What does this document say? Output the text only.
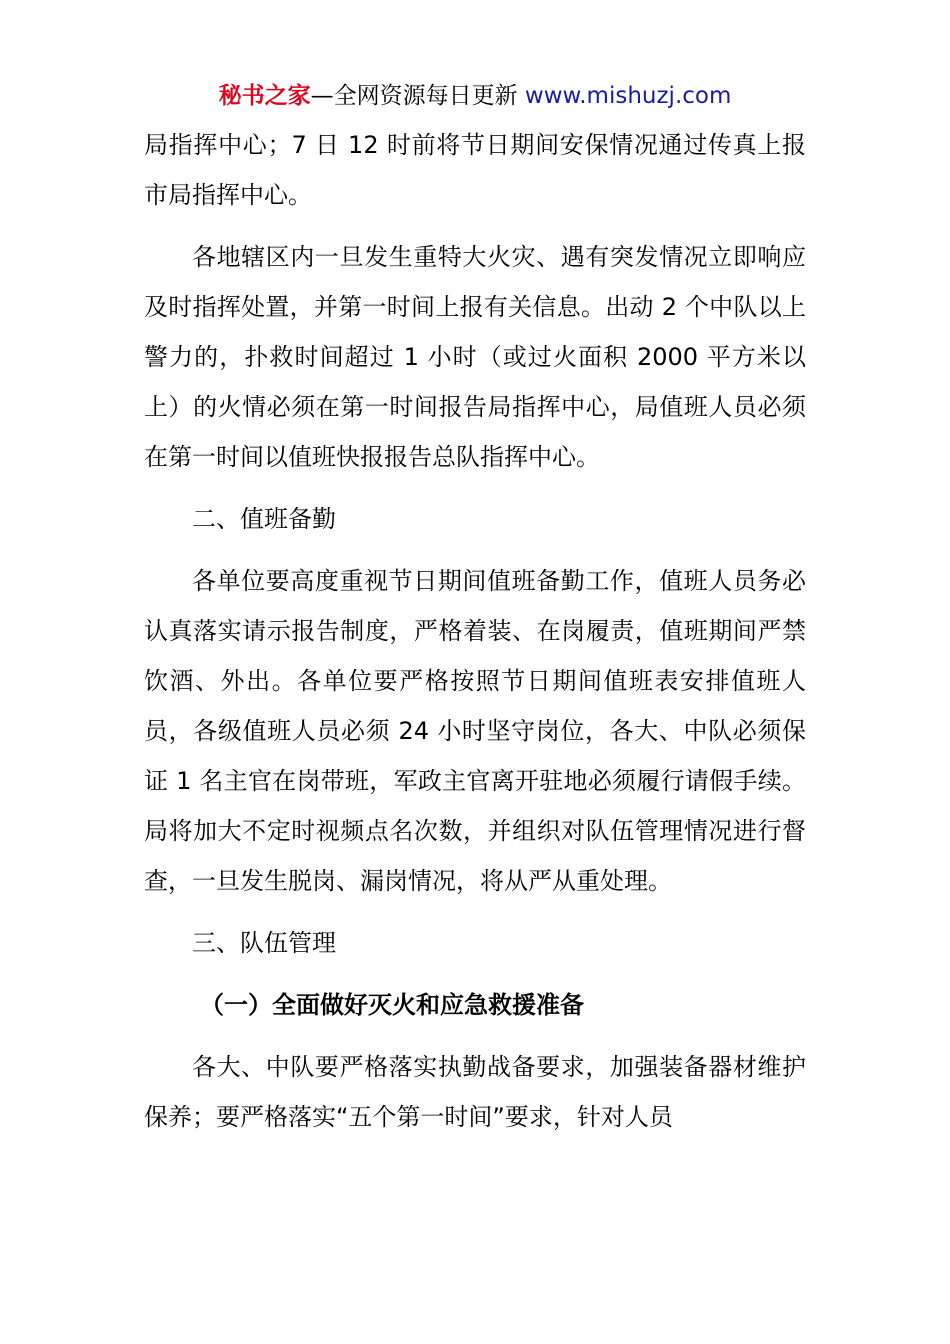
秘书之家—全网资源每日更新 www.mishuzj.com

局指挥中心；7 日 12 时前将节日期间安保情况通过传真上报市局指挥中心。

各地辖区内一旦发生重特大火灾、遇有突发情况立即响应及时指挥处置，并第一时间上报有关信息。出动 2 个中队以上警力的，扑救时间超过 1 小时（或过火面积 2000 平方米以上）的火情必须在第一时间报告局指挥中心，局值班人员必须在第一时间以值班快报报告总队指挥中心。

二、值班备勤

各单位要高度重视节日期间值班备勤工作，值班人员务必认真落实请示报告制度，严格着装、在岗履责，值班期间严禁饮酒、外出。各单位要严格按照节日期间值班表安排值班人员，各级值班人员必须 24 小时坚守岗位，各大、中队必须保证 1 名主官在岗带班，军政主官离开驻地必须履行请假手续。局将加大不定时视频点名次数，并组织对队伍管理情况进行督查，一旦发生脱岗、漏岗情况，将从严从重处理。

三、队伍管理

（一）全面做好灭火和应急救援准备

各大、中队要严格落实执勤战备要求，加强装备器材维护保养；要严格落实“五个第一时间”要求，针对人员
